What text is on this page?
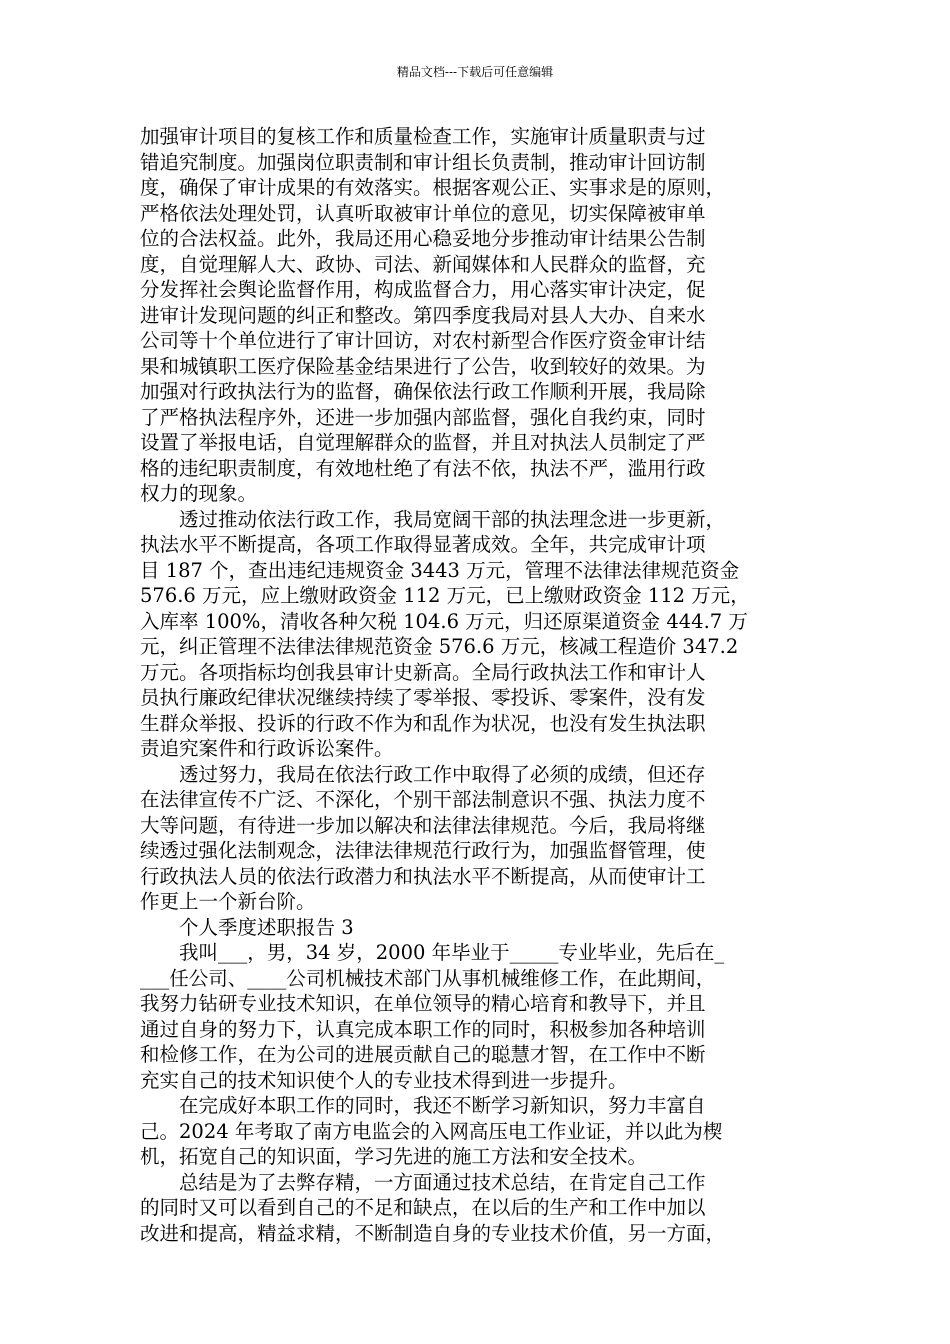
精品文档---下载后可任意编辑
加强审计项目的复核工作和质量检查工作，实施审计质量职责与过
错追究制度。加强岗位职责制和审计组长负责制，推动审计回访制
度，确保了审计成果的有效落实。根据客观公正、实事求是的原则，
严格依法处理处罚，认真听取被审计单位的意见，切实保障被审单
位的合法权益。此外，我局还用心稳妥地分步推动审计结果公告制
度，自觉理解人大、政协、司法、新闻媒体和人民群众的监督，充
分发挥社会舆论监督作用，构成监督合力，用心落实审计决定，促
进审计发现问题的纠正和整改。第四季度我局对县人大办、自来水
公司等十个单位进行了审计回访，对农村新型合作医疗资金审计结
果和城镇职工医疗保险基金结果进行了公告，收到较好的效果。为
加强对行政执法行为的监督，确保依法行政工作顺利开展，我局除
了严格执法程序外，还进一步加强内部监督，强化自我约束，同时
设置了举报电话，自觉理解群众的监督，并且对执法人员制定了严
格的违纪职责制度，有效地杜绝了有法不依，执法不严，滥用行政
权力的现象。
　　透过推动依法行政工作，我局宽阔干部的执法理念进一步更新，
执法水平不断提高，各项工作取得显著成效。全年，共完成审计项
目 187 个，查出违纪违规资金 3443 万元，管理不法律法律规范资金
576.6 万元，应上缴财政资金 112 万元，已上缴财政资金 112 万元，
入库率 100%，清收各种欠税 104.6 万元，归还原渠道资金 444.7 万
元，纠正管理不法律法律规范资金 576.6 万元，核减工程造价 347.2
万元。各项指标均创我县审计史新高。全局行政执法工作和审计人
员执行廉政纪律状况继续持续了零举报、零投诉、零案件，没有发
生群众举报、投诉的行政不作为和乱作为状况，也没有发生执法职
责追究案件和行政诉讼案件。
　　透过努力，我局在依法行政工作中取得了必须的成绩，但还存
在法律宣传不广泛、不深化，个别干部法制意识不强、执法力度不
大等问题，有待进一步加以解决和法律法律规范。今后，我局将继
续透过强化法制观念，法律法律规范行政行为，加强监督管理，使
行政执法人员的依法行政潜力和执法水平不断提高，从而使审计工
作更上一个新台阶。
　　个人季度述职报告 3
　　我叫___，男，34 岁，2000 年毕业于_____专业毕业，先后在_
___任公司、____公司机械技术部门从事机械维修工作，在此期间，
我努力钻研专业技术知识，在单位领导的精心培育和教导下，并且
通过自身的努力下，认真完成本职工作的同时，积极参加各种培训
和检修工作，在为公司的进展贡献自己的聪慧才智，在工作中不断
充实自己的技术知识使个人的专业技术得到进一步提升。
　　在完成好本职工作的同时，我还不断学习新知识，努力丰富自
己。2024 年考取了南方电监会的入网高压电工作业证，并以此为楔
机，拓宽自己的知识面，学习先进的施工方法和安全技术。
　　总结是为了去弊存精，一方面通过技术总结，在肯定自己工作
的同时又可以看到自己的不足和缺点，在以后的生产和工作中加以
改进和提高，精益求精，不断制造自身的专业技术价值，另一方面，
